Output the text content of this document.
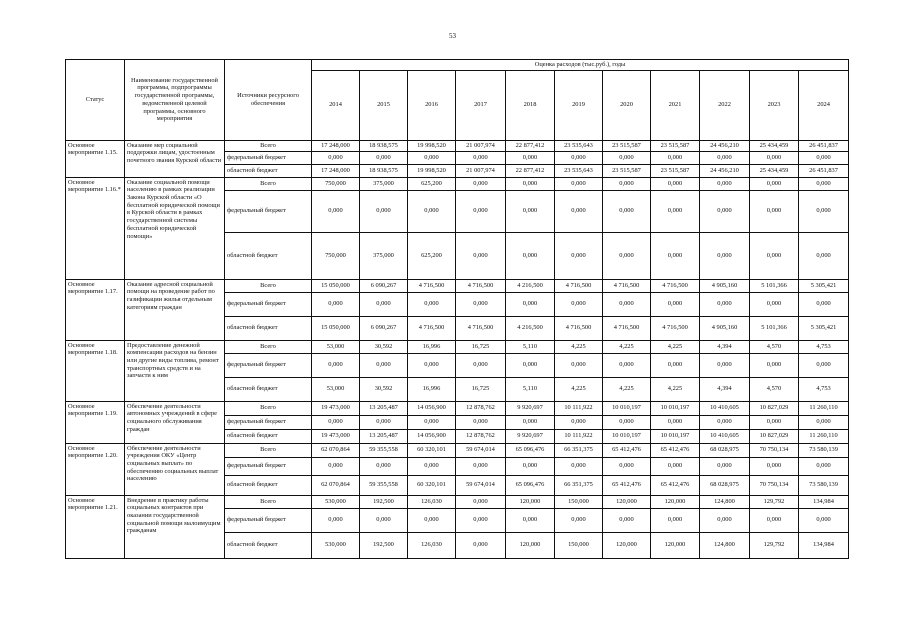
53
Статус	Наименование государственной программы, подпрограммы государственной программы, ведомственной целевой программы, основного мероприятия	Источники ресурсного обеспечения	Оценка расходов (тыс.руб.), годы										
			2014	2015	2016	2017	2018	2019	2020	2021	2022	2023	2024
Основное мероприятие 1.15.	Оказание мер социальной поддержки лицам, удостоенным почетного звания Курской области	Всего	17 248,000	18 938,575	19 998,520	21 007,974	22 877,412	23 535,643	23 515,587	23 515,587	24 456,210	25 434,459	26 451,837
		федеральный бюджет	0,000	0,000	0,000	0,000	0,000	0,000	0,000	0,000	0,000	0,000	0,000
		областной бюджет	17 248,000	18 938,575	19 998,520	21 007,974	22 877,412	23 535,643	23 515,587	23 515,587	24 456,210	25 434,459	26 451,837
Основное мероприятие 1.16.*	Оказание социальной помощи населению в рамках реализации Закона Курской области «О бесплатной юридической помощи в Курской области в рамках государственной системы бесплатной юридической помощи»	Всего	750,000	375,000	625,200	0,000	0,000	0,000	0,000	0,000	0,000	0,000	0,000
		федеральный бюджет	0,000	0,000	0,000	0,000	0,000	0,000	0,000	0,000	0,000	0,000	0,000
		областной бюджет	750,000	375,000	625,200	0,000	0,000	0,000	0,000	0,000	0,000	0,000	0,000
Основное мероприятие 1.17.	Оказание адресной социальной помощи на проведение работ по газификации жилья отдельным категориям граждан	Всего	15 050,000	6 090,267	4 716,500	4 716,500	4 216,500	4 716,500	4 716,500	4 716,500	4 905,160	5 101,366	5 305,421
		федеральный бюджет	0,000	0,000	0,000	0,000	0,000	0,000	0,000	0,000	0,000	0,000	0,000
		областной бюджет	15 050,000	6 090,267	4 716,500	4 716,500	4 216,500	4 716,500	4 716,500	4 716,500	4 905,160	5 101,366	5 305,421
Основное мероприятие 1.18.	Предоставление денежной компенсации расходов на бензин или другие виды топлива, ремонт транспортных средств и на запчасти к ним	Всего	53,000	30,592	16,996	16,725	5,110	4,225	4,225	4,225	4,394	4,570	4,753
		федеральный бюджет	0,000	0,000	0,000	0,000	0,000	0,000	0,000	0,000	0,000	0,000	0,000
		областной бюджет	53,000	30,592	16,996	16,725	5,110	4,225	4,225	4,225	4,394	4,570	4,753
Основное мероприятие 1.19.	Обеспечение деятельности автономных учреждений в сфере социального обслуживания граждан	Всего	19 473,000	13 205,487	14 056,900	12 878,762	9 920,697	10 111,922	10 010,197	10 010,197	10 410,605	10 827,029	11 260,110
		федеральный бюджет	0,000	0,000	0,000	0,000	0,000	0,000	0,000	0,000	0,000	0,000	0,000
		областной бюджет	19 473,000	13 205,487	14 056,900	12 878,762	9 920,697	10 111,922	10 010,197	10 010,197	10 410,605	10 827,029	11 260,110
Основное мероприятие 1.20.	Обеспечение деятельности учреждения ОКУ «Центр социальных выплат» по обеспечению социальных выплат населению	Всего	62 070,864	59 355,558	60 320,101	59 674,014	65 096,476	66 351,375	65 412,476	65 412,476	68 028,975	70 750,134	73 580,139
		федеральный бюджет	0,000	0,000	0,000	0,000	0,000	0,000	0,000	0,000	0,000	0,000	0,000
		областной бюджет	62 070,864	59 355,558	60 320,101	59 674,014	65 096,476	66 351,375	65 412,476	65 412,476	68 028,975	70 750,134	73 580,139
Основное мероприятие 1.21.	Внедрение в практику работы социальных контрактов при оказании государственной социальной помощи малоимущим гражданам	Всего	530,000	192,500	126,030	0,000	120,000	150,000	120,000	120,000	124,800	129,792	134,984
		федеральный бюджет	0,000	0,000	0,000	0,000	0,000	0,000	0,000	0,000	0,000	0,000	0,000
		областной бюджет	530,000	192,500	126,030	0,000	120,000	150,000	120,000	120,000	124,800	129,792	134,984
